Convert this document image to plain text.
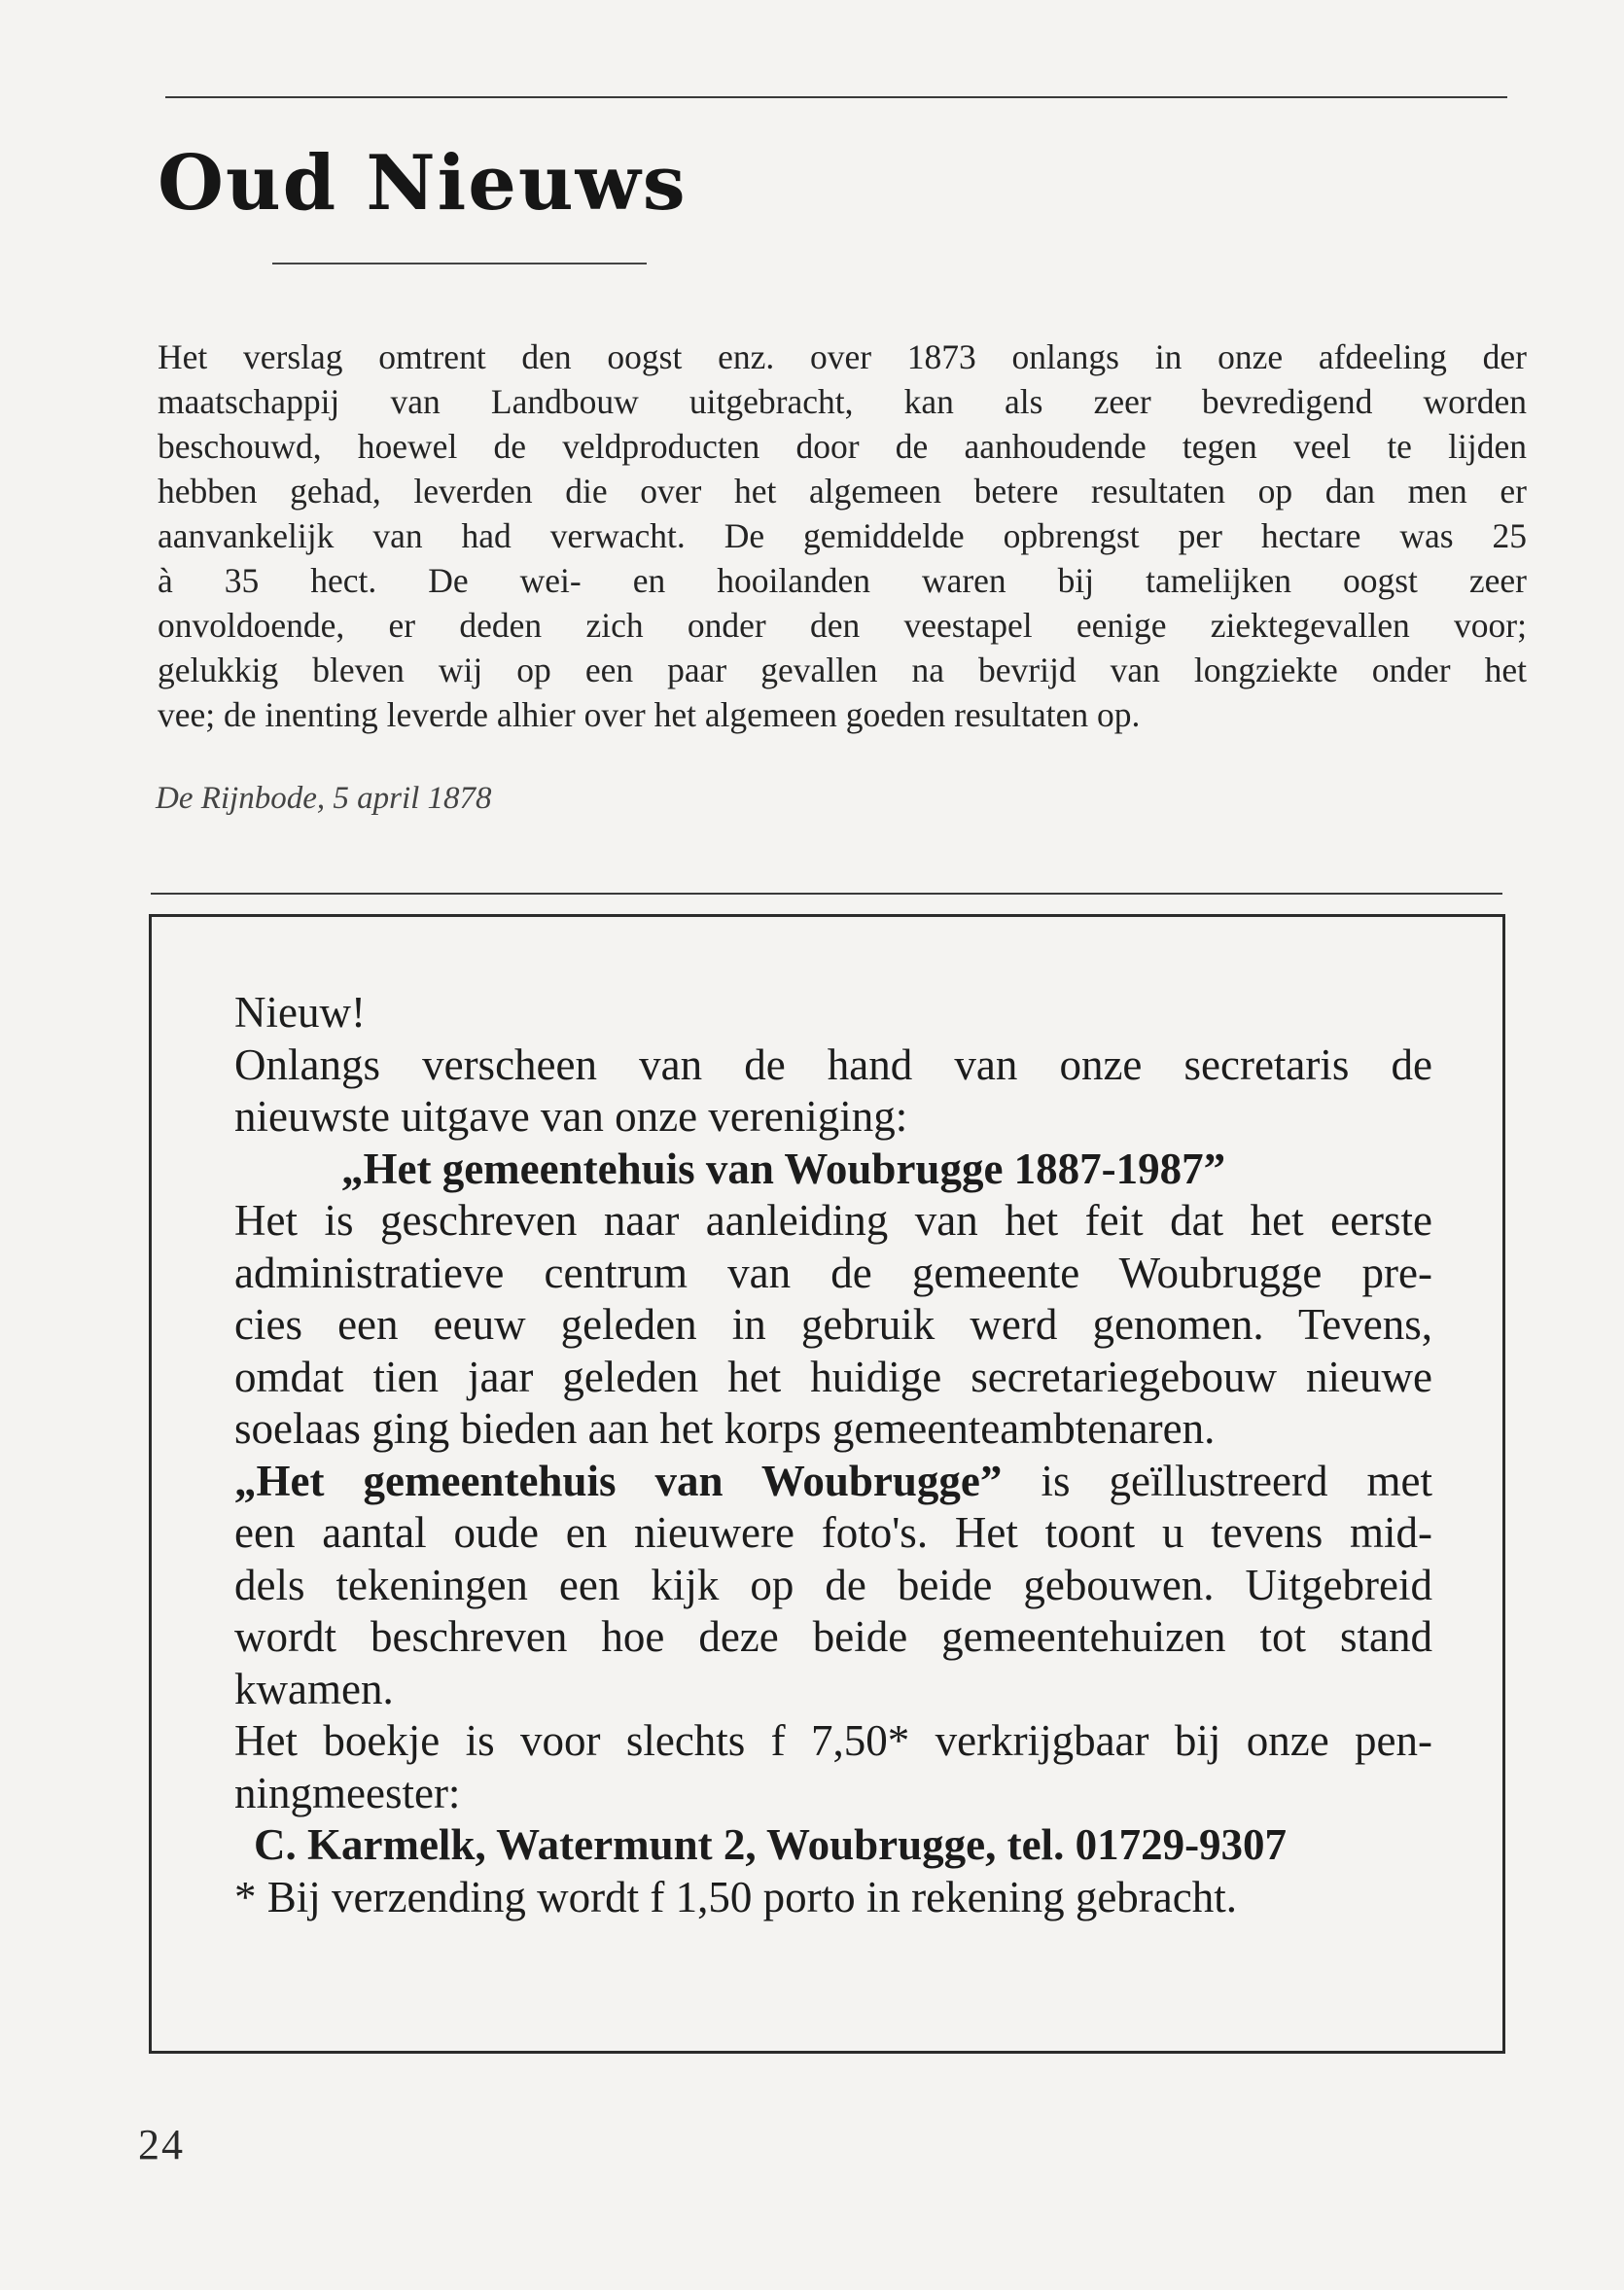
Oud Nieuws
Het verslag omtrent den oogst enz. over 1873 onlangs in onze afdeeling der
maatschappij van Landbouw uitgebracht, kan als zeer bevredigend worden
beschouwd, hoewel de veldproducten door de aanhoudende tegen veel te lijden
hebben gehad, leverden die over het algemeen betere resultaten op dan men er
aanvankelijk van had verwacht. De gemiddelde opbrengst per hectare was 25
à 35 hect. De wei- en hooilanden waren bij tamelijken oogst zeer
onvoldoende, er deden zich onder den veestapel eenige ziektegevallen voor;
gelukkig bleven wij op een paar gevallen na bevrijd van longziekte onder het
vee; de inenting leverde alhier over het algemeen goeden resultaten op.
De Rijnbode, 5 april 1878
Nieuw!
Onlangs verscheen van de hand van onze secretaris de
nieuwste uitgave van onze vereniging:
„Het gemeentehuis van Woubrugge 1887-1987”
Het is geschreven naar aanleiding van het feit dat het eerste
administratieve centrum van de gemeente Woubrugge pre-
cies een eeuw geleden in gebruik werd genomen. Tevens,
omdat tien jaar geleden het huidige secretariegebouw nieuwe
soelaas ging bieden aan het korps gemeenteambtenaren.
„Het gemeentehuis van Woubrugge” is geïllustreerd met
een aantal oude en nieuwere foto's. Het toont u tevens mid-
dels tekeningen een kijk op de beide gebouwen. Uitgebreid
wordt beschreven hoe deze beide gemeentehuizen tot stand
kwamen.
Het boekje is voor slechts f 7,50* verkrijgbaar bij onze pen-
ningmeester:
C. Karmelk, Watermunt 2, Woubrugge, tel. 01729-9307
* Bij verzending wordt f 1,50 porto in rekening gebracht.
24
